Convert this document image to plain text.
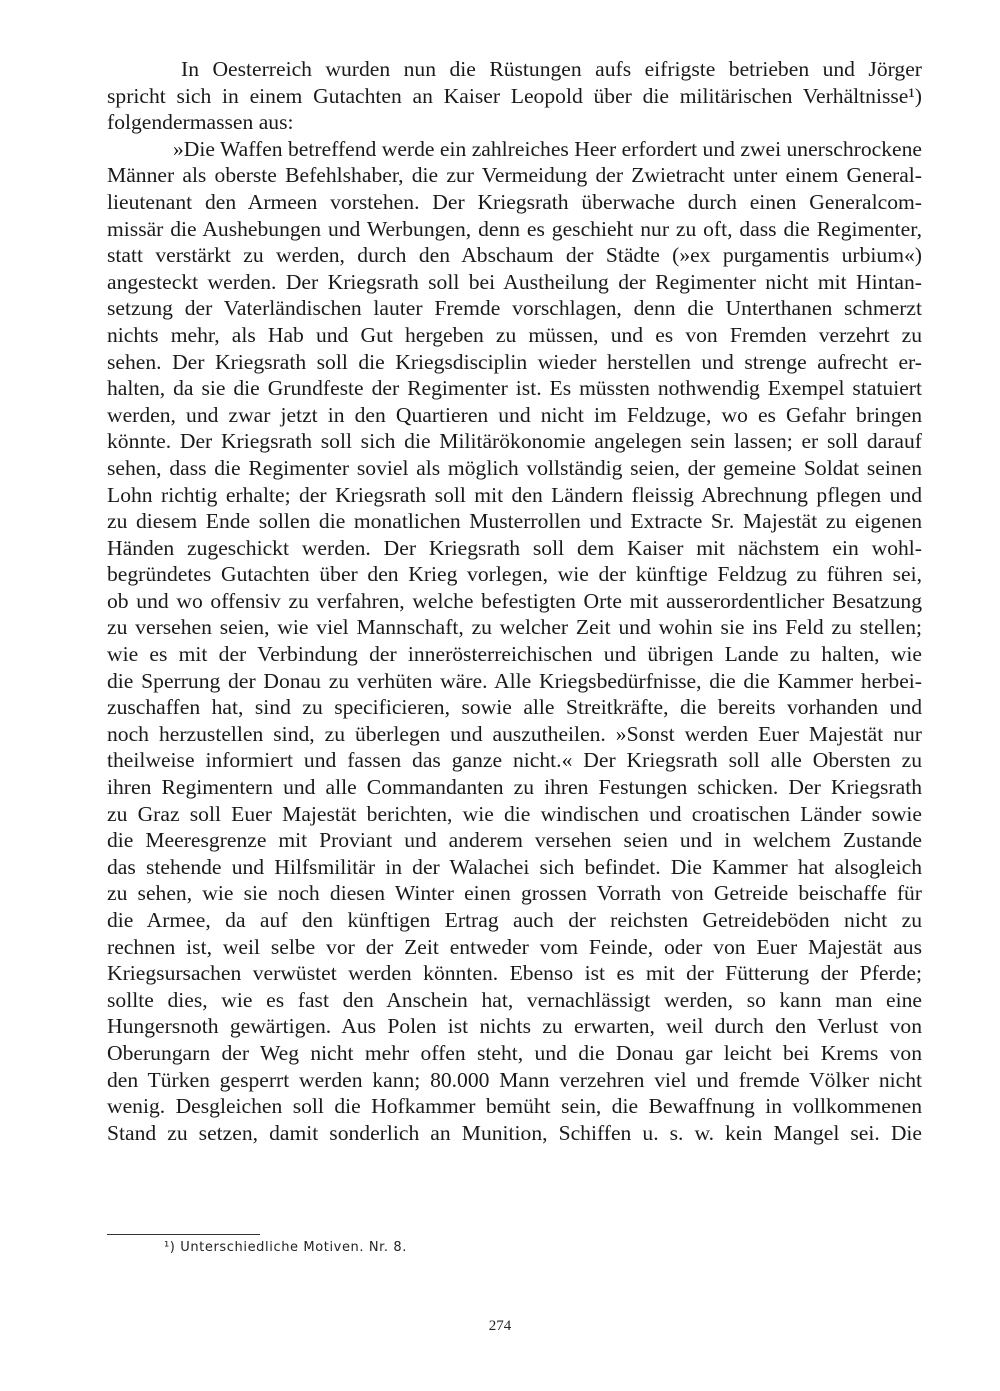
In Oesterreich wurden nun die Rüstungen aufs eifrigste betrieben und Jörger
spricht sich in einem Gutachten an Kaiser Leopold über die militärischen Verhältnisse¹)
folgendermassen aus:
»Die Waffen betreffend werde ein zahlreiches Heer erfordert und zwei unerschrockene
Männer als oberste Befehlshaber, die zur Vermeidung der Zwietracht unter einem General-
lieutenant den Armeen vorstehen. Der Kriegsrath überwache durch einen Generalcom-
missär die Aushebungen und Werbungen, denn es geschieht nur zu oft, dass die Regimenter,
statt verstärkt zu werden, durch den Abschaum der Städte (»ex purgamentis urbium«)
angesteckt werden. Der Kriegsrath soll bei Austheilung der Regimenter nicht mit Hintan-
setzung der Vaterländischen lauter Fremde vorschlagen, denn die Unterthanen schmerzt
nichts mehr, als Hab und Gut hergeben zu müssen, und es von Fremden verzehrt zu
sehen. Der Kriegsrath soll die Kriegsdisciplin wieder herstellen und strenge aufrecht er-
halten, da sie die Grundfeste der Regimenter ist. Es müssten nothwendig Exempel statuiert
werden, und zwar jetzt in den Quartieren und nicht im Feldzuge, wo es Gefahr bringen
könnte. Der Kriegsrath soll sich die Militärökonomie angelegen sein lassen; er soll darauf
sehen, dass die Regimenter soviel als möglich vollständig seien, der gemeine Soldat seinen
Lohn richtig erhalte; der Kriegsrath soll mit den Ländern fleissig Abrechnung pflegen und
zu diesem Ende sollen die monatlichen Musterrollen und Extracte Sr. Majestät zu eigenen
Händen zugeschickt werden. Der Kriegsrath soll dem Kaiser mit nächstem ein wohl-
begründetes Gutachten über den Krieg vorlegen, wie der künftige Feldzug zu führen sei,
ob und wo offensiv zu verfahren, welche befestigten Orte mit ausserordentlicher Besatzung
zu versehen seien, wie viel Mannschaft, zu welcher Zeit und wohin sie ins Feld zu stellen;
wie es mit der Verbindung der innerösterreichischen und übrigen Lande zu halten, wie
die Sperrung der Donau zu verhüten wäre. Alle Kriegsbedürfnisse, die die Kammer herbei-
zuschaffen hat, sind zu specificieren, sowie alle Streitkräfte, die bereits vorhanden und
noch herzustellen sind, zu überlegen und auszutheilen. »Sonst werden Euer Majestät nur
theilweise informiert und fassen das ganze nicht.« Der Kriegsrath soll alle Obersten zu
ihren Regimentern und alle Commandanten zu ihren Festungen schicken. Der Kriegsrath
zu Graz soll Euer Majestät berichten, wie die windischen und croatischen Länder sowie
die Meeresgrenze mit Proviant und anderem versehen seien und in welchem Zustande
das stehende und Hilfsmilitär in der Walachei sich befindet. Die Kammer hat alsogleich
zu sehen, wie sie noch diesen Winter einen grossen Vorrath von Getreide beischaffe für
die Armee, da auf den künftigen Ertrag auch der reichsten Getreideböden nicht zu
rechnen ist, weil selbe vor der Zeit entweder vom Feinde, oder von Euer Majestät aus
Kriegsursachen verwüstet werden könnten. Ebenso ist es mit der Fütterung der Pferde;
sollte dies, wie es fast den Anschein hat, vernachlässigt werden, so kann man eine
Hungersnoth gewärtigen. Aus Polen ist nichts zu erwarten, weil durch den Verlust von
Oberungarn der Weg nicht mehr offen steht, und die Donau gar leicht bei Krems von
den Türken gesperrt werden kann; 80.000 Mann verzehren viel und fremde Völker nicht
wenig. Desgleichen soll die Hofkammer bemüht sein, die Bewaffnung in vollkommenen
Stand zu setzen, damit sonderlich an Munition, Schiffen u. s. w. kein Mangel sei. Die
¹) Unterschiedliche Motiven. Nr. 8.
274
